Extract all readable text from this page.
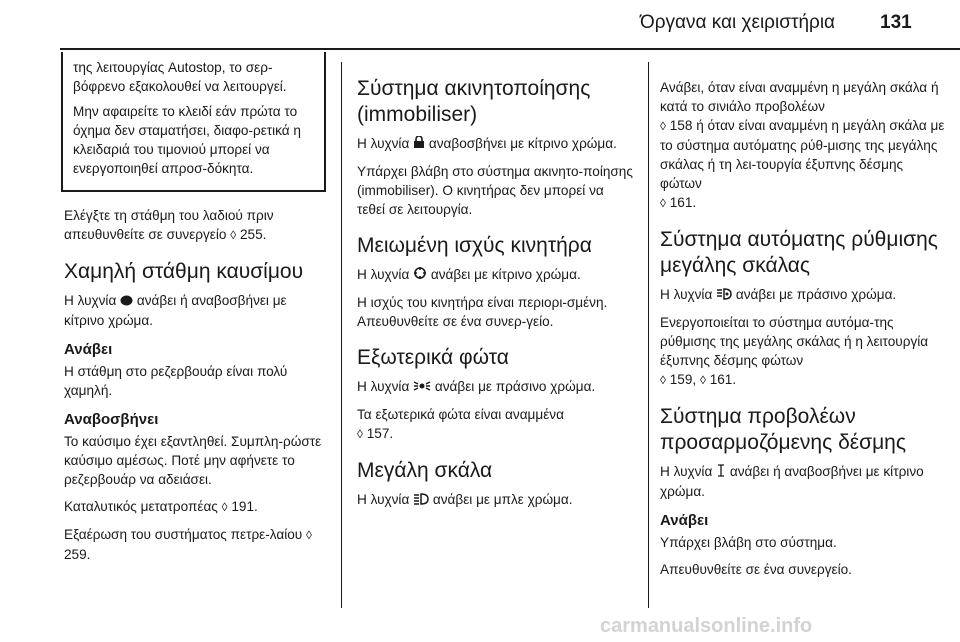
Όργανα και χειριστήρια 131

της λειτουργίας Autostop, το σερ-βόφρενο εξακολουθεί να λειτουργεί.

Μην αφαιρείτε το κλειδί εάν πρώτα το όχημα δεν σταματήσει, διαφο-ρετικά η κλειδαριά του τιμονιού μπορεί να ενεργοποιηθεί απροσ-δόκητα.

Ελέγξτε τη στάθμη του λαδιού πριν απευθυνθείτε σε συνεργείο ◊ 255.

Χαμηλή στάθμη καυσίμου

Η λυχνία ανάβει ή αναβοσβήνει με κίτρινο χρώμα.

Ανάβει

Η στάθμη στο ρεζερβουάρ είναι πολύ χαμηλή.

Αναβοσβήνει

Το καύσιμο έχει εξαντληθεί. Συμπλη-ρώστε καύσιμο αμέσως. Ποτέ μην αφήνετε το ρεζερβουάρ να αδειάσει.

Καταλυτικός μετατροπέας ◊ 191.

Εξαέρωση του συστήματος πετρε-λαίου ◊ 259.

Σύστημα ακινητοποίησης (immobiliser)

Η λυχνία αναβοσβήνει με κίτρινο χρώμα.

Υπάρχει βλάβη στο σύστημα ακινητο-ποίησης (immobiliser). Ο κινητήρας δεν μπορεί να τεθεί σε λειτουργία.

Μειωμένη ισχύς κινητήρα

Η λυχνία ανάβει με κίτρινο χρώμα.

Η ισχύς του κινητήρα είναι περιορι-σμένη. Απευθυνθείτε σε ένα συνερ-γείο.

Εξωτερικά φώτα

Η λυχνία ανάβει με πράσινο χρώμα.

Τα εξωτερικά φώτα είναι αναμμένα
◊ 157.

Μεγάλη σκάλα

Η λυχνία ανάβει με μπλε χρώμα.

Ανάβει, όταν είναι αναμμένη η μεγάλη σκάλα ή κατά το σινιάλο προβολέων
◊ 158 ή όταν είναι αναμμένη η μεγάλη σκάλα με το σύστημα αυτόματης ρύθ-μισης της μεγάλης σκάλας ή τη λει-τουργία έξυπνης δέσμης φώτων
◊ 161.

Σύστημα αυτόματης ρύθμισης μεγάλης σκάλας

Η λυχνία ανάβει με πράσινο χρώμα.

Ενεργοποιείται το σύστημα αυτόμα-της ρύθμισης της μεγάλης σκάλας ή η λειτουργία έξυπνης δέσμης φώτων
◊ 159, ◊ 161.

Σύστημα προβολέων προσαρμοζόμενης δέσμης

Η λυχνία ανάβει ή αναβοσβήνει με κίτρινο χρώμα.

Ανάβει

Υπάρχει βλάβη στο σύστημα.

Απευθυνθείτε σε ένα συνεργείο.

carmanualsonline.info
